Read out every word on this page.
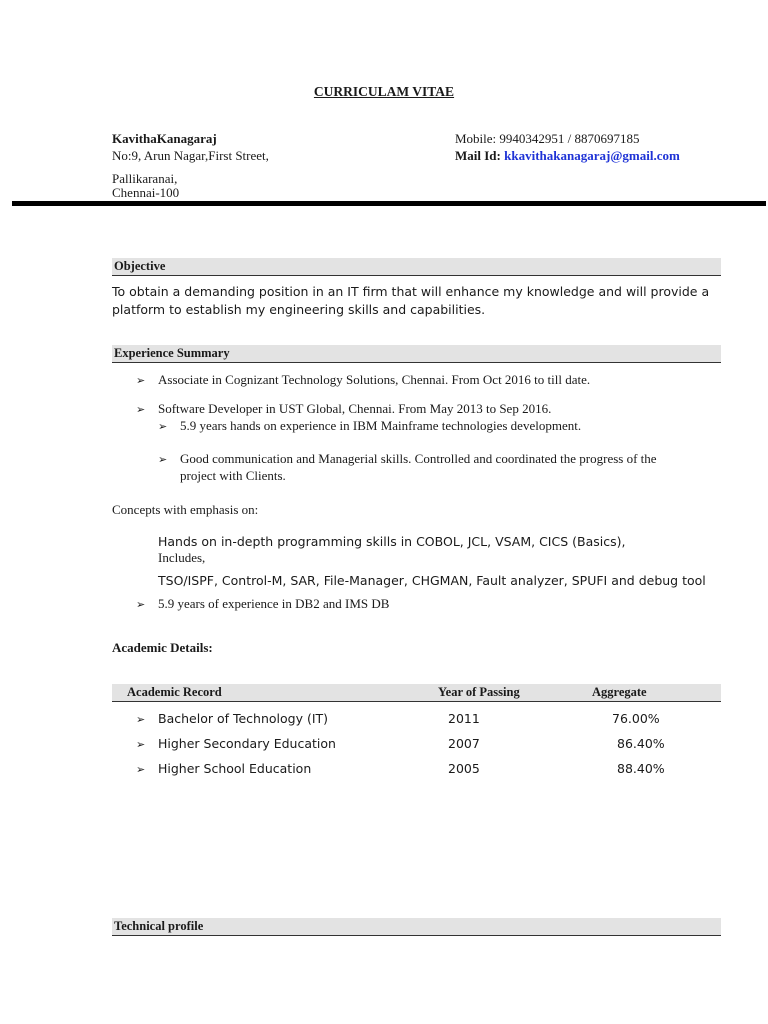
CURRICULAM VITAE
KavithaKanagaraj
No:9, Arun Nagar,First Street,
Pallikaranai,
Chennai-100
Mobile: 9940342951 / 8870697185
Mail Id: kkavithakanagaraj@gmail.com
Objective
To obtain a demanding position in an IT firm that will enhance my knowledge and will provide a
platform to establish my engineering skills and capabilities.
Experience Summary
➢ Associate in Cognizant Technology Solutions, Chennai. From Oct 2016 to till date.
➢ Software Developer in UST Global, Chennai. From May 2013 to Sep 2016.
➢ 5.9 years hands on experience in IBM Mainframe technologies development.
➢ Good communication and Managerial skills. Controlled and coordinated the progress of the
project with Clients.
Concepts with emphasis on:
Hands on in-depth programming skills in COBOL, JCL, VSAM, CICS (Basics),
Includes,
TSO/ISPF, Control-M, SAR, File-Manager, CHGMAN, Fault analyzer, SPUFI and debug tool
➢ 5.9 years of experience in DB2 and IMS DB
Academic Details:
Academic Record	Year of Passing	Aggregate
➢ Bachelor of Technology (IT)	2011	76.00%
➢ Higher Secondary Education	2007	86.40%
➢ Higher School Education	2005	88.40%
Technical profile
